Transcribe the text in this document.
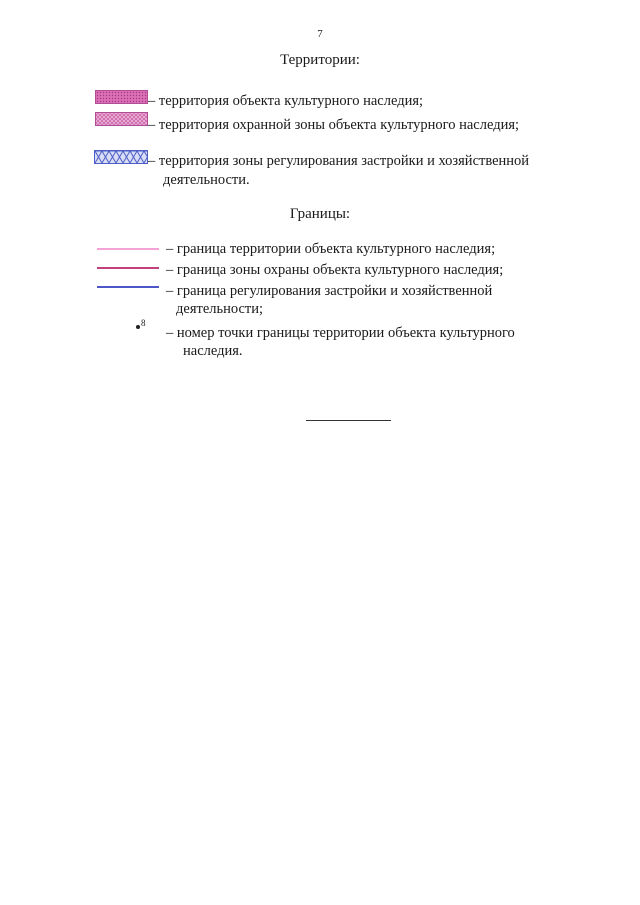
7
Территории:
– территория объекта культурного наследия;
– территория охранной зоны объекта культурного наследия;
– территория зоны регулирования застройки и хозяйственной
деятельности.
Границы:
– граница территории объекта культурного наследия;
– граница зоны охраны объекта культурного наследия;
– граница регулирования застройки и хозяйственной
деятельности;
8
– номер точки границы территории объекта культурного
наследия.
